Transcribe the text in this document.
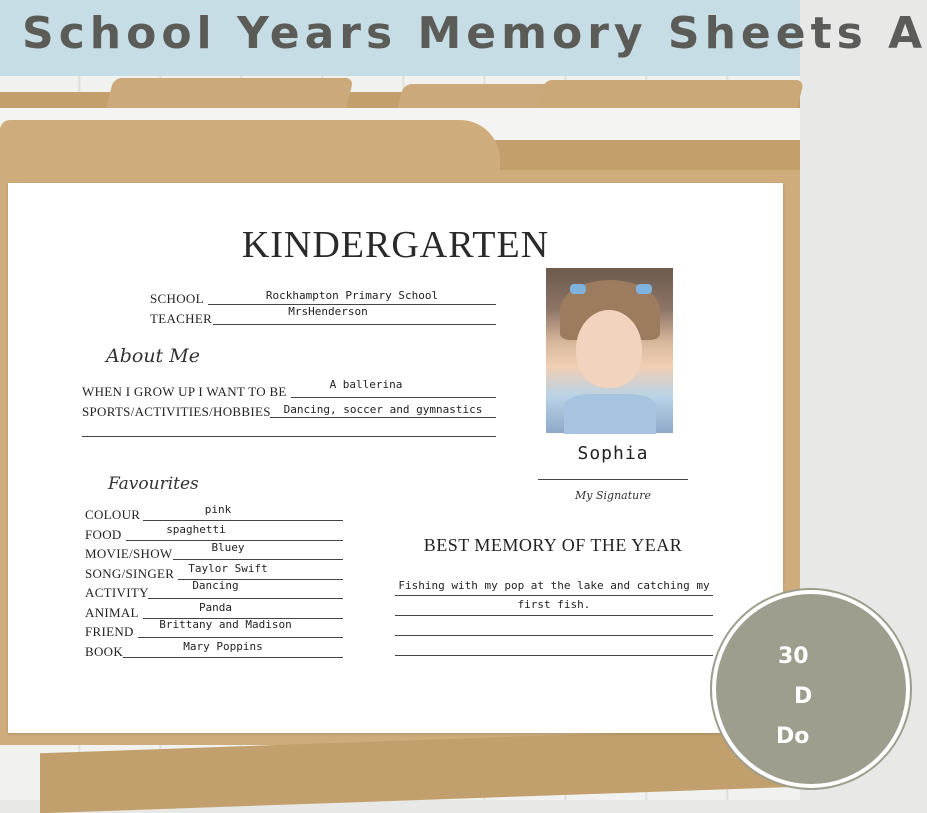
School Years Memory Sheets A
KINDERGARTEN
SCHOOL	Rockhampton Primary School
TEACHER	MrsHenderson
About Me
WHEN I GROW UP I WANT TO BE	A ballerina
SPORTS/ACTIVITIES/HOBBIES	Dancing, soccer and gymnastics
Favourites
COLOUR	pink
FOOD	spaghetti
MOVIE/SHOW	Bluey
SONG/SINGER	Taylor Swift
ACTIVITY	Dancing
ANIMAL	Panda
FRIEND	Brittany and Madison
BOOK	Mary Poppins
Sophia
My Signature
BEST MEMORY OF THE YEAR
Fishing with my pop at the lake and catching my
first fish.
30
D
Do
